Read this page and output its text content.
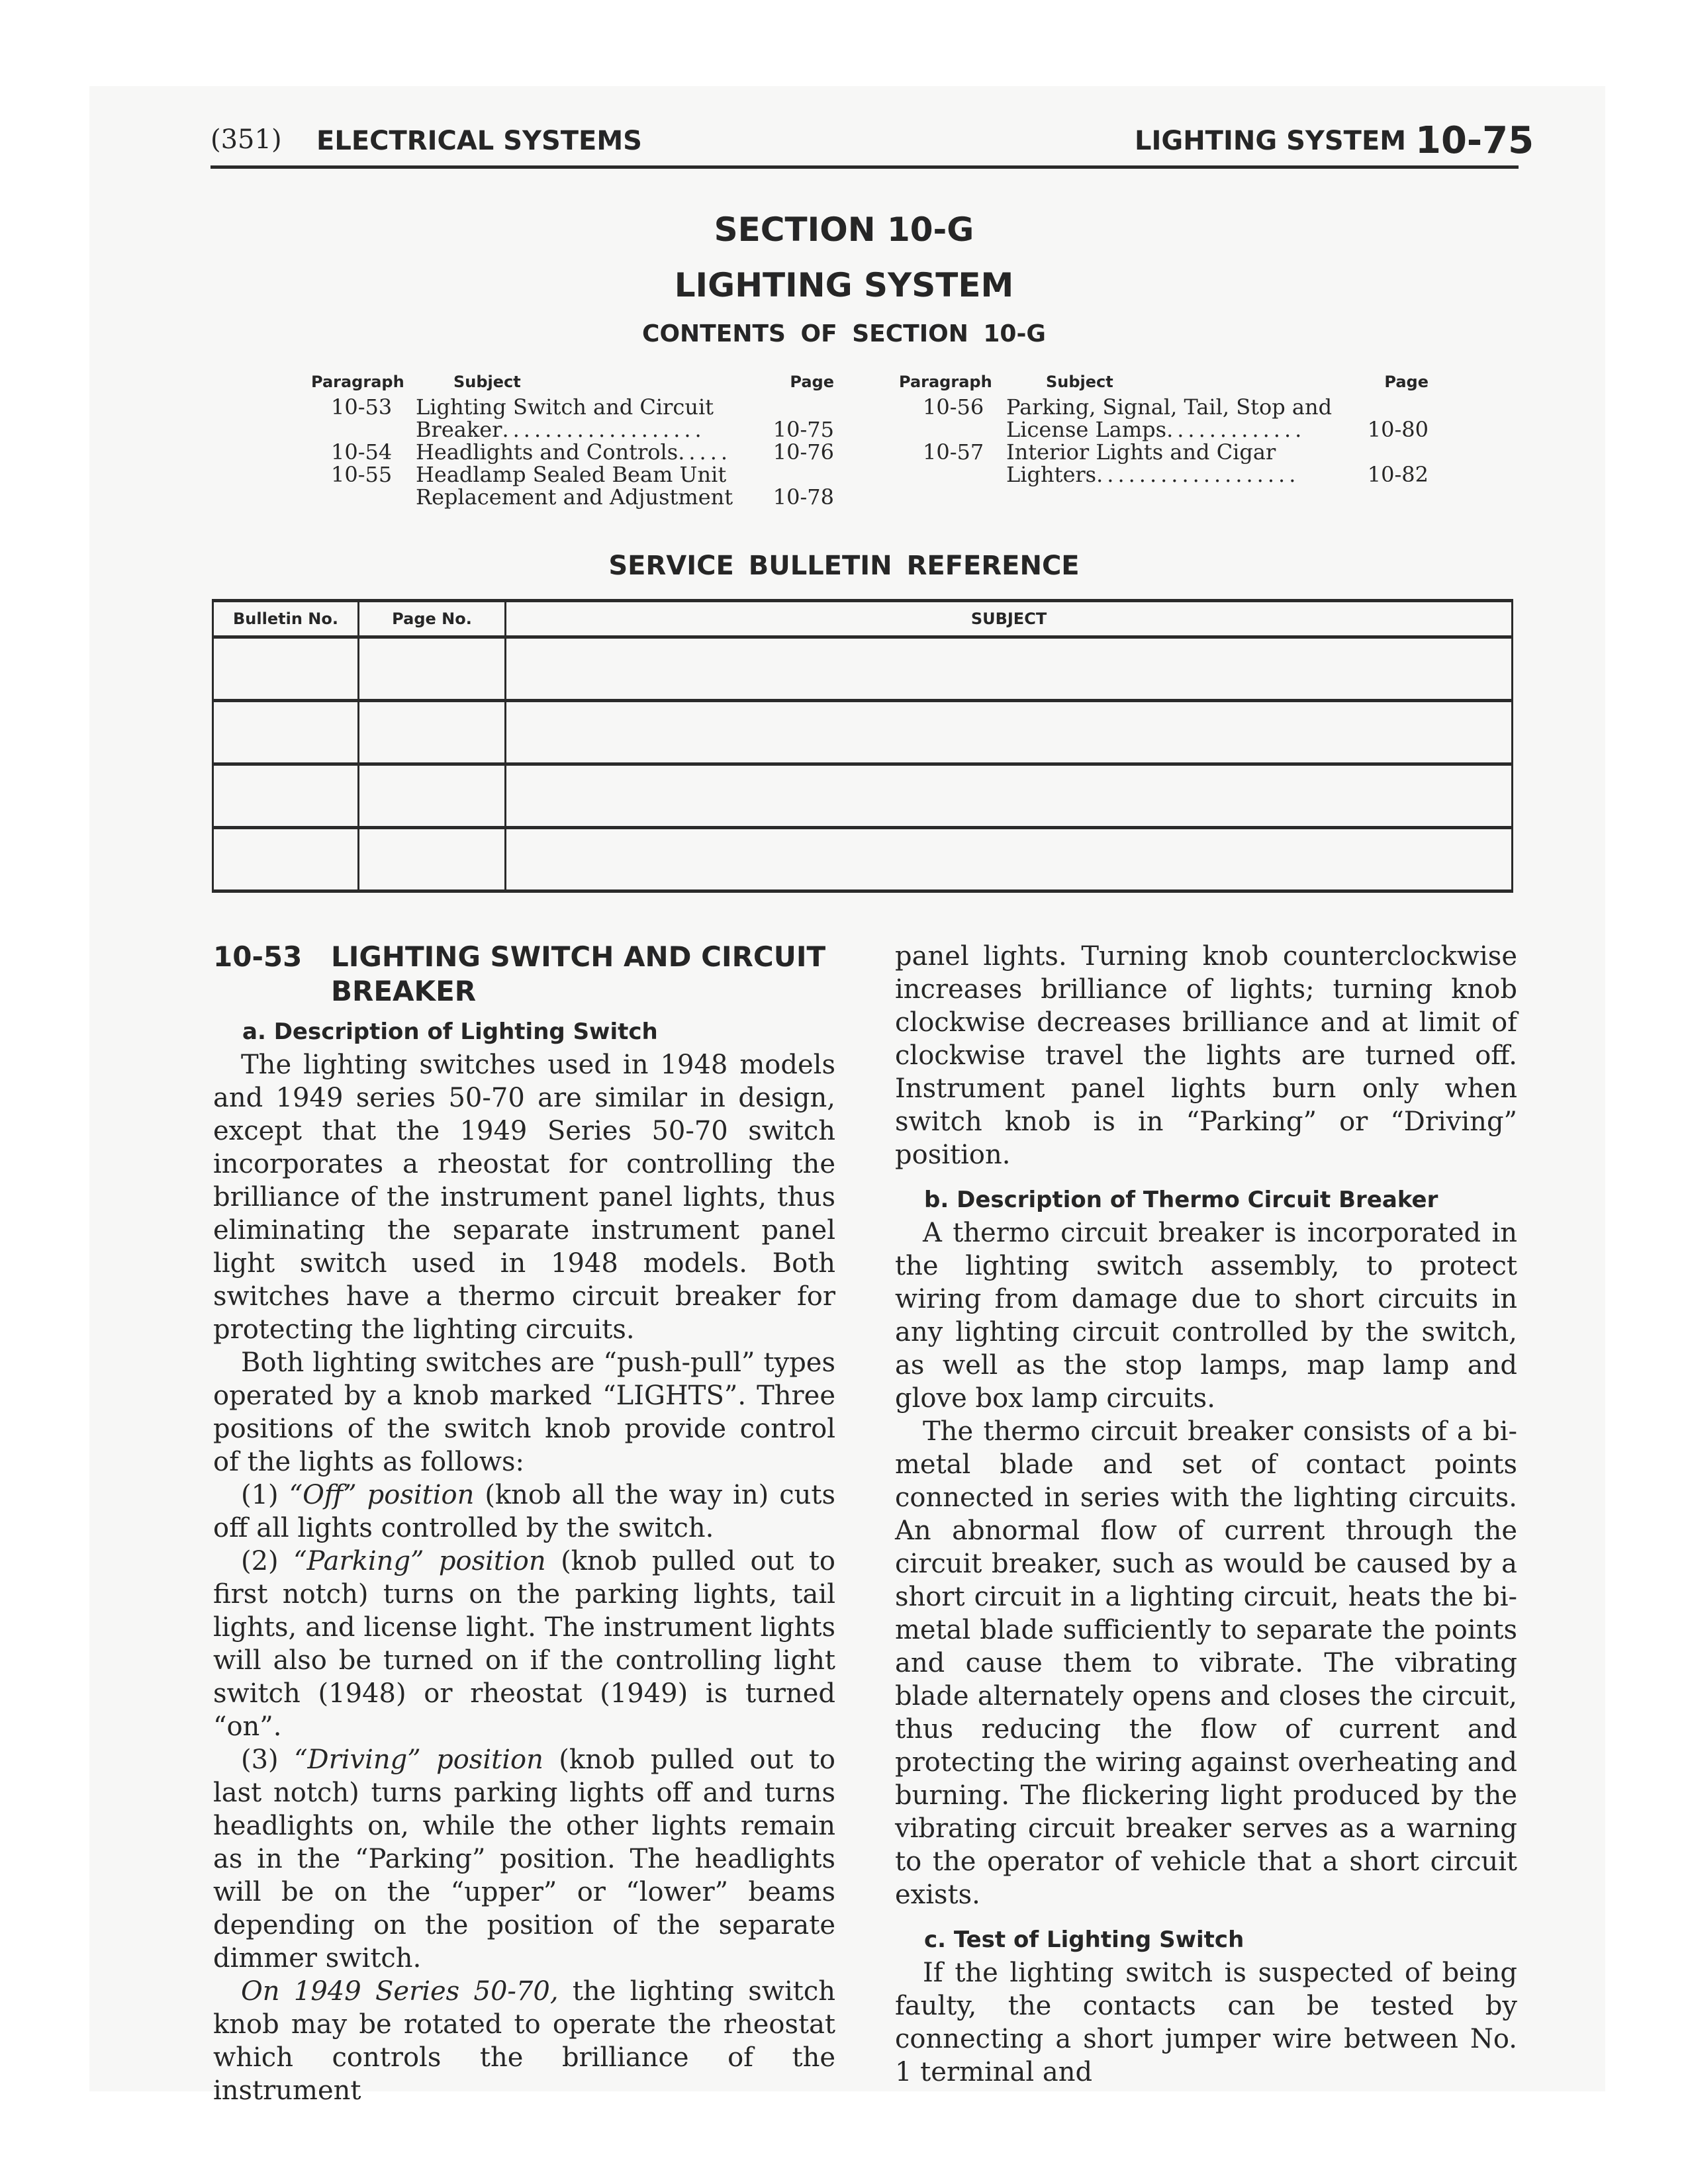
(351) ELECTRICAL SYSTEMS	LIGHTING SYSTEM 10-75
SECTION 10-G
LIGHTING SYSTEM
CONTENTS OF SECTION 10-G
Paragraph	Subject	Page
10-53 Lighting Switch and Circuit
Breaker...................	10-75
10-54 Headlights and Controls..... 10-76
10-55 Headlamp Sealed Beam Unit
Replacement and Adjustment 10-78
Paragraph	Subject	Page
10-56 Parking, Signal, Tail, Stop and
License Lamps.............	10-80
10-57 Interior Lights and Cigar
Lighters...................	10-82
SERVICE BULLETIN REFERENCE
Bulletin No.	Page No.	SUBJECT

10-53	LIGHTING SWITCH AND CIRCUIT BREAKER
a. Description of Lighting Switch

The lighting switches used in 1948 models and 1949 series 50-70 are similar in design, except that the 1949 Series 50-70 switch incorporates a rheostat for controlling the brilliance of the instrument panel lights, thus eliminating the separate instrument panel light switch used in 1948 models. Both switches have a thermo circuit breaker for protecting the lighting circuits.

Both lighting switches are “push-pull” types operated by a knob marked “LIGHTS”. Three positions of the switch knob provide control of the lights as follows:

(1) “Off” position (knob all the way in) cuts off all lights controlled by the switch.

(2) “Parking” position (knob pulled out to first notch) turns on the parking lights, tail lights, and license light. The instrument lights will also be turned on if the controlling light switch (1948) or rheostat (1949) is turned “on”.

(3) “Driving” position (knob pulled out to last notch) turns parking lights off and turns headlights on, while the other lights remain as in the “Parking” position. The headlights will be on the “upper” or “lower” beams depending on the position of the separate dimmer switch.

On 1949 Series 50-70, the lighting switch knob may be rotated to operate the rheostat which controls the brilliance of the instrument

panel lights. Turning knob counterclockwise increases brilliance of lights; turning knob clockwise decreases brilliance and at limit of clockwise travel the lights are turned off. Instrument panel lights burn only when switch knob is in “Parking” or “Driving” position.

b. Description of Thermo Circuit Breaker

A thermo circuit breaker is incorporated in the lighting switch assembly, to protect wiring from damage due to short circuits in any lighting circuit controlled by the switch, as well as the stop lamps, map lamp and glove box lamp circuits.

The thermo circuit breaker consists of a bi-metal blade and set of contact points connected in series with the lighting circuits. An abnormal flow of current through the circuit breaker, such as would be caused by a short circuit in a lighting circuit, heats the bi-metal blade sufficiently to separate the points and cause them to vibrate. The vibrating blade alternately opens and closes the circuit, thus reducing the flow of current and protecting the wiring against overheating and burning. The flickering light produced by the vibrating circuit breaker serves as a warning to the operator of vehicle that a short circuit exists.

c. Test of Lighting Switch

If the lighting switch is suspected of being faulty, the contacts can be tested by connecting a short jumper wire between No. 1 terminal and
